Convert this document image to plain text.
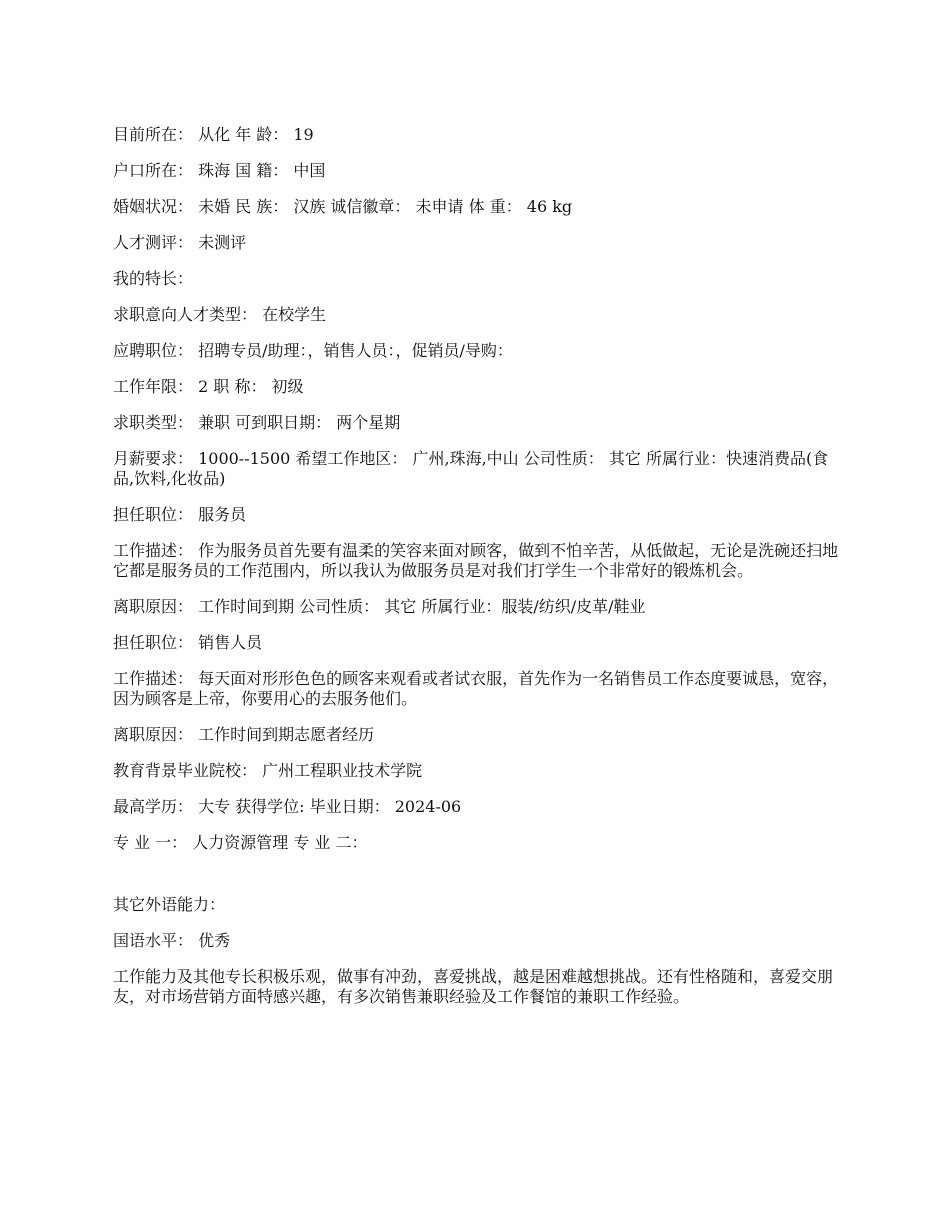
目前所在： 从化 年 龄： 19
户口所在： 珠海 国 籍： 中国
婚姻状况： 未婚 民 族： 汉族 诚信徽章： 未申请 体 重： 46 kg
人才测评： 未测评
我的特长：
求职意向人才类型： 在校学生
应聘职位： 招聘专员/助理：，销售人员：，促销员/导购：
工作年限： 2 职 称： 初级
求职类型： 兼职 可到职日期： 两个星期
月薪要求： 1000--1500 希望工作地区： 广州,珠海,中山 公司性质： 其它 所属行业：快速消费品(食品,饮料,化妆品)
担任职位： 服务员
工作描述： 作为服务员首先要有温柔的笑容来面对顾客，做到不怕辛苦，从低做起，无论是洗碗还扫地它都是服务员的工作范围内，所以我认为做服务员是对我们打学生一个非常好的锻炼机会。
离职原因： 工作时间到期 公司性质： 其它 所属行业：服装/纺织/皮革/鞋业
担任职位： 销售人员
工作描述： 每天面对形形色色的顾客来观看或者试衣服，首先作为一名销售员工作态度要诚恳，宽容，因为顾客是上帝，你要用心的去服务他们。
离职原因： 工作时间到期志愿者经历
教育背景毕业院校： 广州工程职业技术学院
最高学历： 大专 获得学位: 毕业日期： 2024-06
专 业 一： 人力资源管理 专 业 二：
其它外语能力：
国语水平： 优秀
工作能力及其他专长积极乐观，做事有冲劲，喜爱挑战，越是困难越想挑战。还有性格随和，喜爱交朋友，对市场营销方面特感兴趣，有多次销售兼职经验及工作餐馆的兼职工作经验。
